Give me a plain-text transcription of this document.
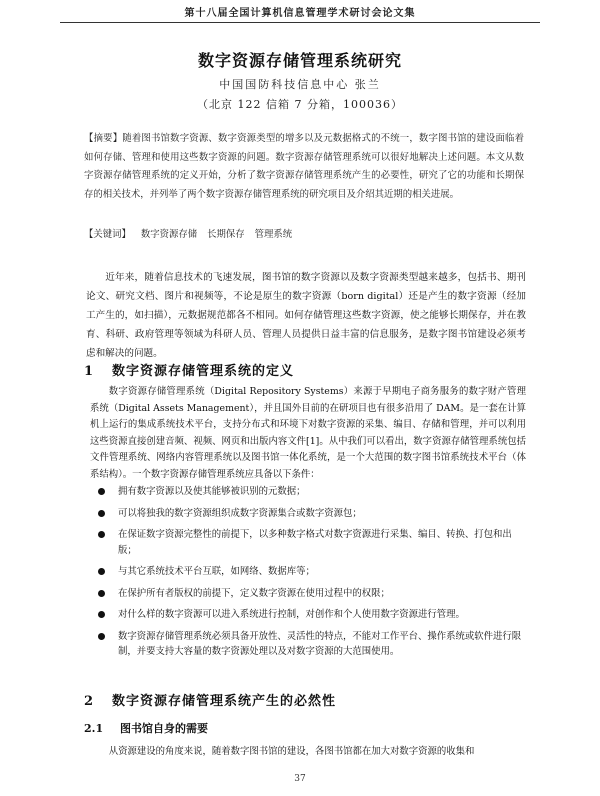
第十八届全国计算机信息管理学术研讨会论文集
数字资源存储管理系统研究
中国国防科技信息中心 张兰
（北京 122 信箱 7 分箱，100036）
【摘要】随着图书馆数字资源、数字资源类型的增多以及元数据格式的不统一，数字图书馆的建设面临着如何存储、管理和使用这些数字资源的问题。数字资源存储管理系统可以很好地解决上述问题。本文从数字资源存储管理系统的定义开始，分析了数字资源存储管理系统产生的必要性，研究了它的功能和长期保存的相关技术，并列举了两个数字资源存储管理系统的研究项目及介绍其近期的相关进展。
【关键词】 数字资源存储 长期保存 管理系统
近年来，随着信息技术的飞速发展，图书馆的数字资源以及数字资源类型越来越多，包括书、期刊论文、研究文档、图片和视频等，不论是原生的数字资源（born digital）还是产生的数字资源（经加工产生的，如扫描），元数据规范都各不相同。如何存储管理这些数字资源，使之能够长期保存，并在教育、科研、政府管理等领域为科研人员、管理人员提供日益丰富的信息服务，是数字图书馆建设必须考虑和解决的问题。
1 数字资源存储管理系统的定义
数字资源存储管理系统（Digital Repository Systems）来源于早期电子商务服务的数字财产管理系统（Digital Assets Management），并且国外目前的在研项目也有很多沿用了 DAM。是一套在计算机上运行的集成系统技术平台，支持分布式和环境下对数字资源的采集、编目、存储和管理，并可以利用这些资源直接创建音频、视频、网页和出版内容文件[1]。从中我们可以看出，数字资源存储管理系统包括文件管理系统、网络内容管理系统以及图书馆一体化系统，是一个大范围的数字图书馆系统技术平台（体系结构）。一个数字资源存储管理系统应具备以下条件：
拥有数字资源以及使其能够被识别的元数据；
可以将独我的数字资源组织成数字资源集合或数字资源包；
在保证数字资源完整性的前提下，以多种数字格式对数字资源进行采集、编目、转换、打包和出版；
与其它系统技术平台互联，如网络、数据库等；
在保护所有者版权的前提下，定义数字资源在使用过程中的权限；
对什么样的数字资源可以进入系统进行控制，对创作和个人使用数字资源进行管理。
数字资源存储管理系统必须具备开放性、灵活性的特点，不能对工作平台、操作系统或软件进行限制，并要支持大容量的数字资源处理以及对数字资源的大范围使用。
2 数字资源存储管理系统产生的必然性
2.1 图书馆自身的需要
从资源建设的角度来说，随着数字图书馆的建设，各图书馆都在加大对数字资源的收集和
37
